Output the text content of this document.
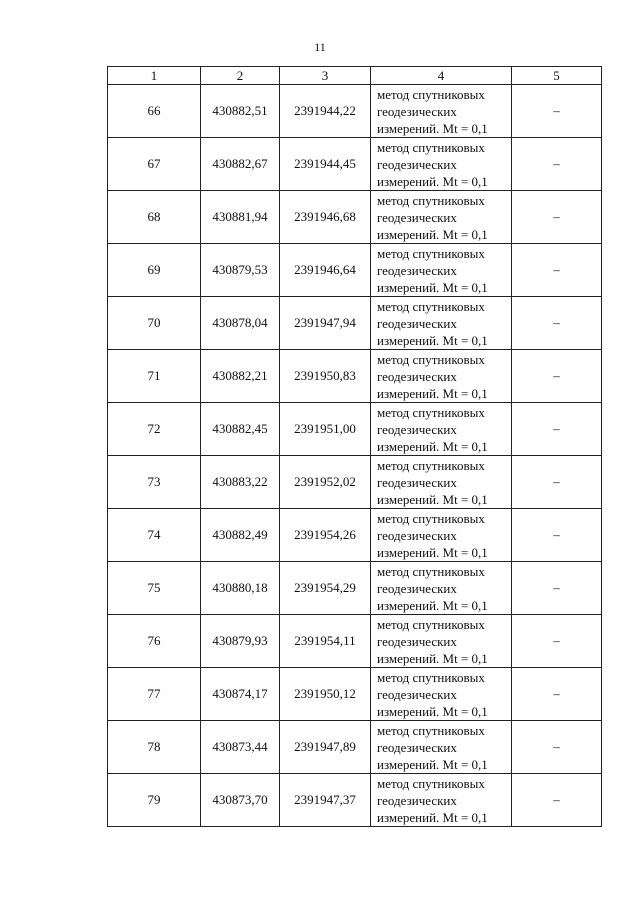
11
1	2	3	4	5
66	430882,51	2391944,22	метод спутниковых
геодезических
измерений. Mt = 0,1	–
67	430882,67	2391944,45	метод спутниковых
геодезических
измерений. Mt = 0,1	–
68	430881,94	2391946,68	метод спутниковых
геодезических
измерений. Mt = 0,1	–
69	430879,53	2391946,64	метод спутниковых
геодезических
измерений. Mt = 0,1	–
70	430878,04	2391947,94	метод спутниковых
геодезических
измерений. Mt = 0,1	–
71	430882,21	2391950,83	метод спутниковых
геодезических
измерений. Mt = 0,1	–
72	430882,45	2391951,00	метод спутниковых
геодезических
измерений. Mt = 0,1	–
73	430883,22	2391952,02	метод спутниковых
геодезических
измерений. Mt = 0,1	–
74	430882,49	2391954,26	метод спутниковых
геодезических
измерений. Mt = 0,1	–
75	430880,18	2391954,29	метод спутниковых
геодезических
измерений. Mt = 0,1	–
76	430879,93	2391954,11	метод спутниковых
геодезических
измерений. Mt = 0,1	–
77	430874,17	2391950,12	метод спутниковых
геодезических
измерений. Mt = 0,1	–
78	430873,44	2391947,89	метод спутниковых
геодезических
измерений. Mt = 0,1	–
79	430873,70	2391947,37	метод спутниковых
геодезических
измерений. Mt = 0,1	–
